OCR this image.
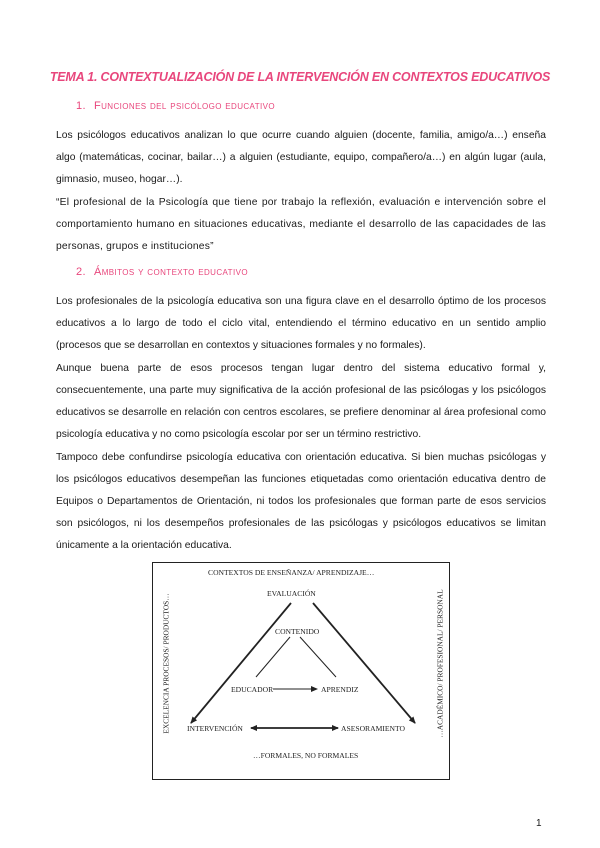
TEMA 1. CONTEXTUALIZACIÓN DE LA INTERVENCIÓN EN CONTEXTOS EDUCATIVOS
1. Funciones del psicólogo educativo

Los psicólogos educativos analizan lo que ocurre cuando alguien (docente, familia, amigo/a…) enseña algo (matemáticas, cocinar, bailar…) a alguien (estudiante, equipo, compañero/a…) en algún lugar (aula, gimnasio, museo, hogar…).

“El profesional de la Psicología que tiene por trabajo la reflexión, evaluación e intervención sobre el comportamiento humano en situaciones educativas, mediante el desarrollo de las capacidades de las personas, grupos e instituciones”

2. Ámbitos y contexto educativo

Los profesionales de la psicología educativa son una figura clave en el desarrollo óptimo de los procesos educativos a lo largo de todo el ciclo vital, entendiendo el término educativo en un sentido amplio (procesos que se desarrollan en contextos y situaciones formales y no formales).

Aunque buena parte de esos procesos tengan lugar dentro del sistema educativo formal y, consecuentemente, una parte muy significativa de la acción profesional de las psicólogas y los psicólogos educativos se desarrolle en relación con centros escolares, se prefiere denominar al área profesional como psicología educativa y no como psicología escolar por ser un término restrictivo.

Tampoco debe confundirse psicología educativa con orientación educativa. Si bien muchas psicólogas y los psicólogos educativos desempeñan las funciones etiquetadas como orientación educativa dentro de Equipos o Departamentos de Orientación, ni todos los profesionales que forman parte de esos servicios son psicólogos, ni los desempeños profesionales de las psicólogas y psicólogos educativos se limitan únicamente a la orientación educativa.

CONTEXTOS DE ENSEÑANZA/ APRENDIZAJE…
EVALUACIÓN
CONTENIDO
EDUCADOR	APRENDIZ
INTERVENCIÓN	ASESORAMIENTO
…FORMALES, NO FORMALES
EXCELENCIA PROCESOS/ PRODUCTOS…	…ACADÉMICO/ PROFESIONAL/ PERSONAL
1
